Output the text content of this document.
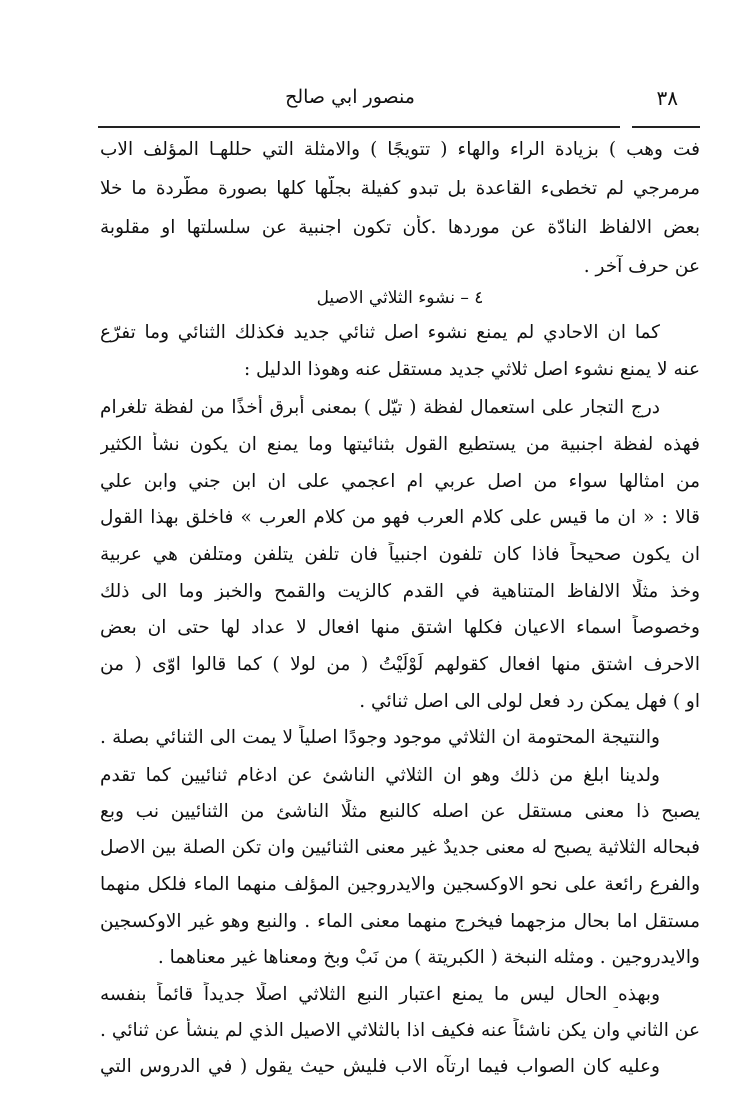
٣٨
منصور ابي صالح
فت وهب ) بزيادة الراء والهاء ( تتويجًا ) والامثلة التي حللهـا المؤلف الاب
مرمرجي لم تخطىء القاعدة بل تبدو كفيلة بجلّها كلها بصورة مطّردة ما خلا
بعض الالفاظ النادّة عن موردها .كأن تكون اجنبية عن سلسلتها او مقلوبة
عن حرف آخر .
٤ – نشوء الثلاثي الاصيل
كما ان الاحادي لم يمنع نشوء اصل ثنائي جديد فكذلك الثنائي وما تفرّع
عنه لا يمنع نشوء اصل ثلاثي جديد مستقل عنه وهوذا الدليل :
درج التجار على استعمال لفظة ( تيّل ) بمعنى أبرق أخذًا من لفظة تلغرام
فهذه لفظة اجنبية من يستطيع القول بثنائيتها وما يمنع ان يكون نشأ الكثير
من امثالها سواء من اصل عربي ام اعجمي على ان ابن جني وابن علي
قالا : « ان ما قيس على كلام العرب فهو من كلام العرب » فاخلق بهذا القول
ان يكون صحيحاً فاذا كان تلفون اجنبياً فان تلفن يتلفن ومتلفن هي عربية
وخذ مثلًا الالفاظ المتناهية في القدم كالزيت والقمح والخبز وما الى ذلك
وخصوصاً اسماء الاعيان فكلها اشتق منها افعال لا عداد لها حتى ان بعض
الاحرف اشتق منها افعال كقولهم لَوْلَيْتُ ( من لولا ) كما قالوا اوّى ( من
او ) فهل يمكن رد فعل لولى الى اصل ثنائي .
والنتيجة المحتومة ان الثلاثي موجود وجودًا اصلياً لا يمت الى الثنائي بصلة .
ولدينا ابلغ من ذلك وهو ان الثلاثي الناشئ عن ادغام ثنائيين كما تقدم
يصبح ذا معنى مستقل عن اصله كالنبع مثلًا الناشئ من الثنائيين نب وبع
فبحاله الثلاثية يصبح له معنى جديدٌ غير معنى الثنائيين وان تكن الصلة بين الاصل
والفرع رائعة على نحو الاوكسجين والايدروجين المؤلف منهما الماء فلكل منهما
مستقل اما بحال مزجهما فيخرج منهما معنى الماء . والنبع وهو غير الاوكسجين
والايدروجين . ومثله النبخة ( الكبريتة ) من نَبْ وبخ ومعناها غير معناهما .
وبهذه الحال ليس ما يمنع اعتبار النبع الثلاثي اصلًا جديداً قائماً بنفسه
عن الثاني وان يكن ناشئاً عنه فكيف اذا بالثلاثي الاصيل الذي لم ينشأ عن ثنائي .
وعليه كان الصواب فيما ارتآه الاب فليش حيث يقول ( في الدروس التي
